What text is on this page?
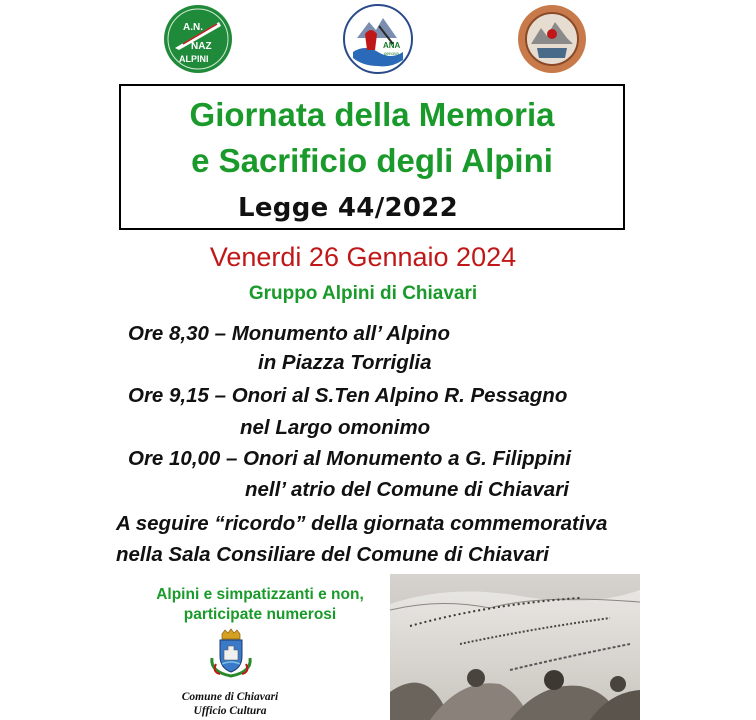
A.N.
NAZ
ALPINI
ANA
genova
Giornata della Memoria
e Sacrificio degli Alpini
Legge 44/2022
Venerdi 26 Gennaio 2024
Gruppo Alpini di Chiavari
Ore 8,30 – Monumento all’ Alpino
in Piazza Torriglia
Ore 9,15 – Onori al S.Ten Alpino R. Pessagno
nel Largo omonimo
Ore 10,00 – Onori al Monumento a G. Filippini
nell’ atrio del Comune di Chiavari
A seguire “ricordo” della giornata commemorativa
nella Sala Consiliare del Comune di Chiavari
Alpini e simpatizzanti e non,
participate numerosi
Comune di Chiavari
Ufficio Cultura
